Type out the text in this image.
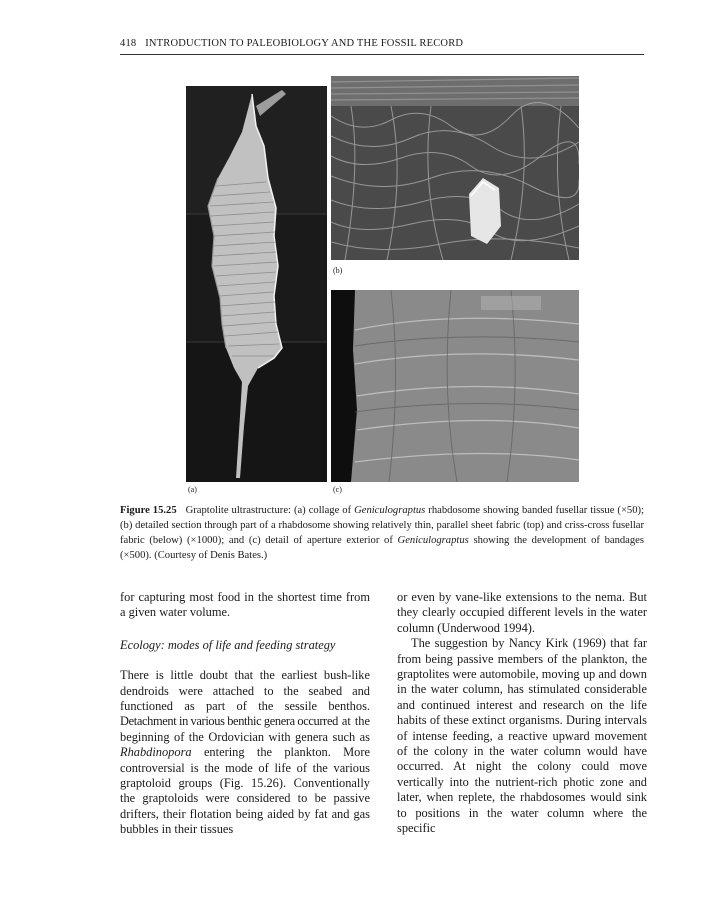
418 INTRODUCTION TO PALEOBIOLOGY AND THE FOSSIL RECORD
(a)
(b)
(c)
Figure 15.25 Graptolite ultrastructure: (a) collage of Geniculograptus rhabdosome showing banded fusellar tissue (×50); (b) detailed section through part of a rhabdosome showing relatively thin, parallel sheet fabric (top) and criss-cross fusellar fabric (below) (×1000); and (c) detail of aperture exterior of Geniculograptus showing the development of bandages (×500). (Courtesy of Denis Bates.)

for capturing most food in the shortest time from a given water volume.

Ecology: modes of life and feeding strategy

There is little doubt that the earliest bush-like dendroids were attached to the seabed and functioned as part of the sessile benthos. Detachment in various benthic genera occurred at the beginning of the Ordovician with genera such as Rhabdinopora entering the plankton. More controversial is the mode of life of the various graptoloid groups (Fig. 15.26). Conventionally the graptoloids were considered to be passive drifters, their flotation being aided by fat and gas bubbles in their tissues

or even by vane-like extensions to the nema. But they clearly occupied different levels in the water column (Underwood 1994).

The suggestion by Nancy Kirk (1969) that far from being passive members of the plankton, the graptolites were automobile, moving up and down in the water column, has stimulated considerable and continued interest and research on the life habits of these extinct organisms. During intervals of intense feeding, a reactive upward movement of the colony in the water column would have occurred. At night the colony could move vertically into the nutrient-rich photic zone and later, when replete, the rhabdosomes would sink to positions in the water column where the specific
